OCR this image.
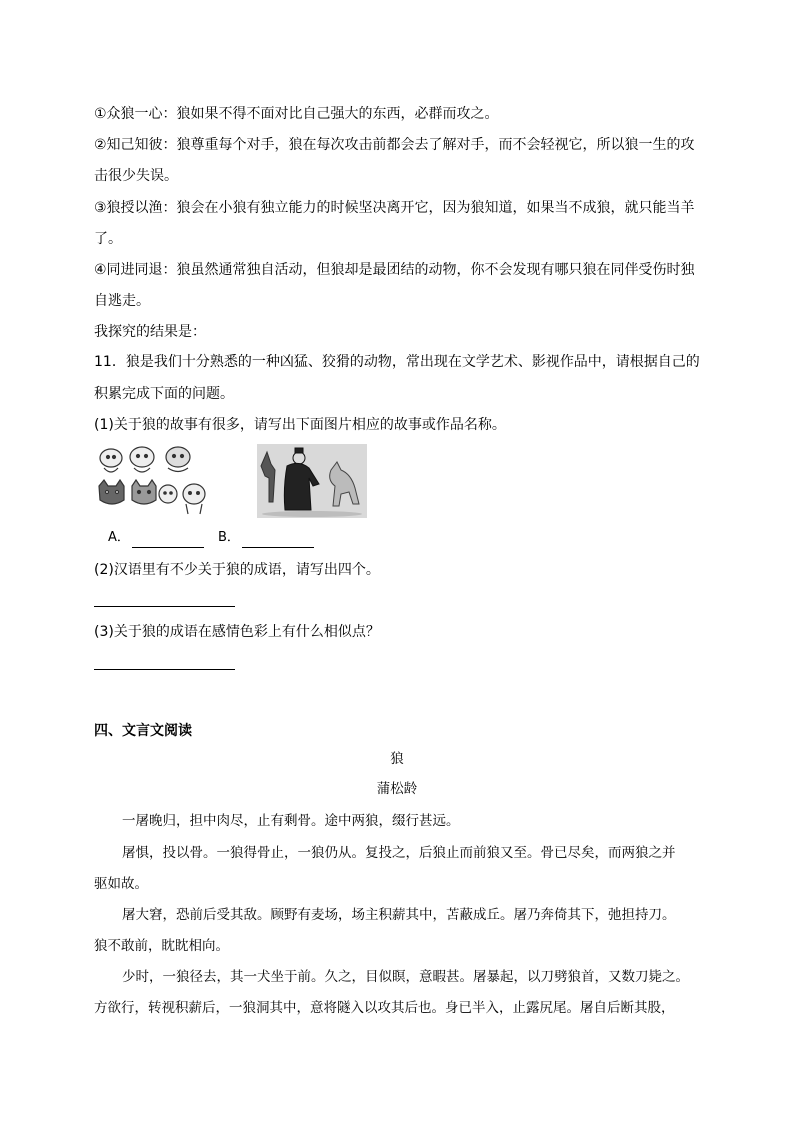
①众狼一心：狼如果不得不面对比自己强大的东西，必群而攻之。
②知己知彼：狼尊重每个对手，狼在每次攻击前都会去了解对手，而不会轻视它，所以狼一生的攻
击很少失误。
③狼授以渔：狼会在小狼有独立能力的时候坚决离开它，因为狼知道，如果当不成狼，就只能当羊
了。
④同进同退：狼虽然通常独自活动，但狼却是最团结的动物，你不会发现有哪只狼在同伴受伤时独
自逃走。
我探究的结果是：
11．狼是我们十分熟悉的一种凶猛、狡猾的动物，常出现在文学艺术、影视作品中，请根据自己的
积累完成下面的问题。
(1)关于狼的故事有很多，请写出下面图片相应的故事或作品名称。
A．	B．
(2)汉语里有不少关于狼的成语，请写出四个。
(3)关于狼的成语在感情色彩上有什么相似点？
四、文言文阅读
狼
蒲松龄
一屠晚归，担中肉尽，止有剩骨。途中两狼，缀行甚远。
屠惧，投以骨。一狼得骨止，一狼仍从。复投之，后狼止而前狼又至。骨已尽矣，而两狼之并
驱如故。
屠大窘，恐前后受其敌。顾野有麦场，场主积薪其中，苫蔽成丘。屠乃奔倚其下，弛担持刀。
狼不敢前，眈眈相向。
少时，一狼径去，其一犬坐于前。久之，目似瞑，意暇甚。屠暴起，以刀劈狼首，又数刀毙之。
方欲行，转视积薪后，一狼洞其中，意将隧入以攻其后也。身已半入，止露尻尾。屠自后断其股，
